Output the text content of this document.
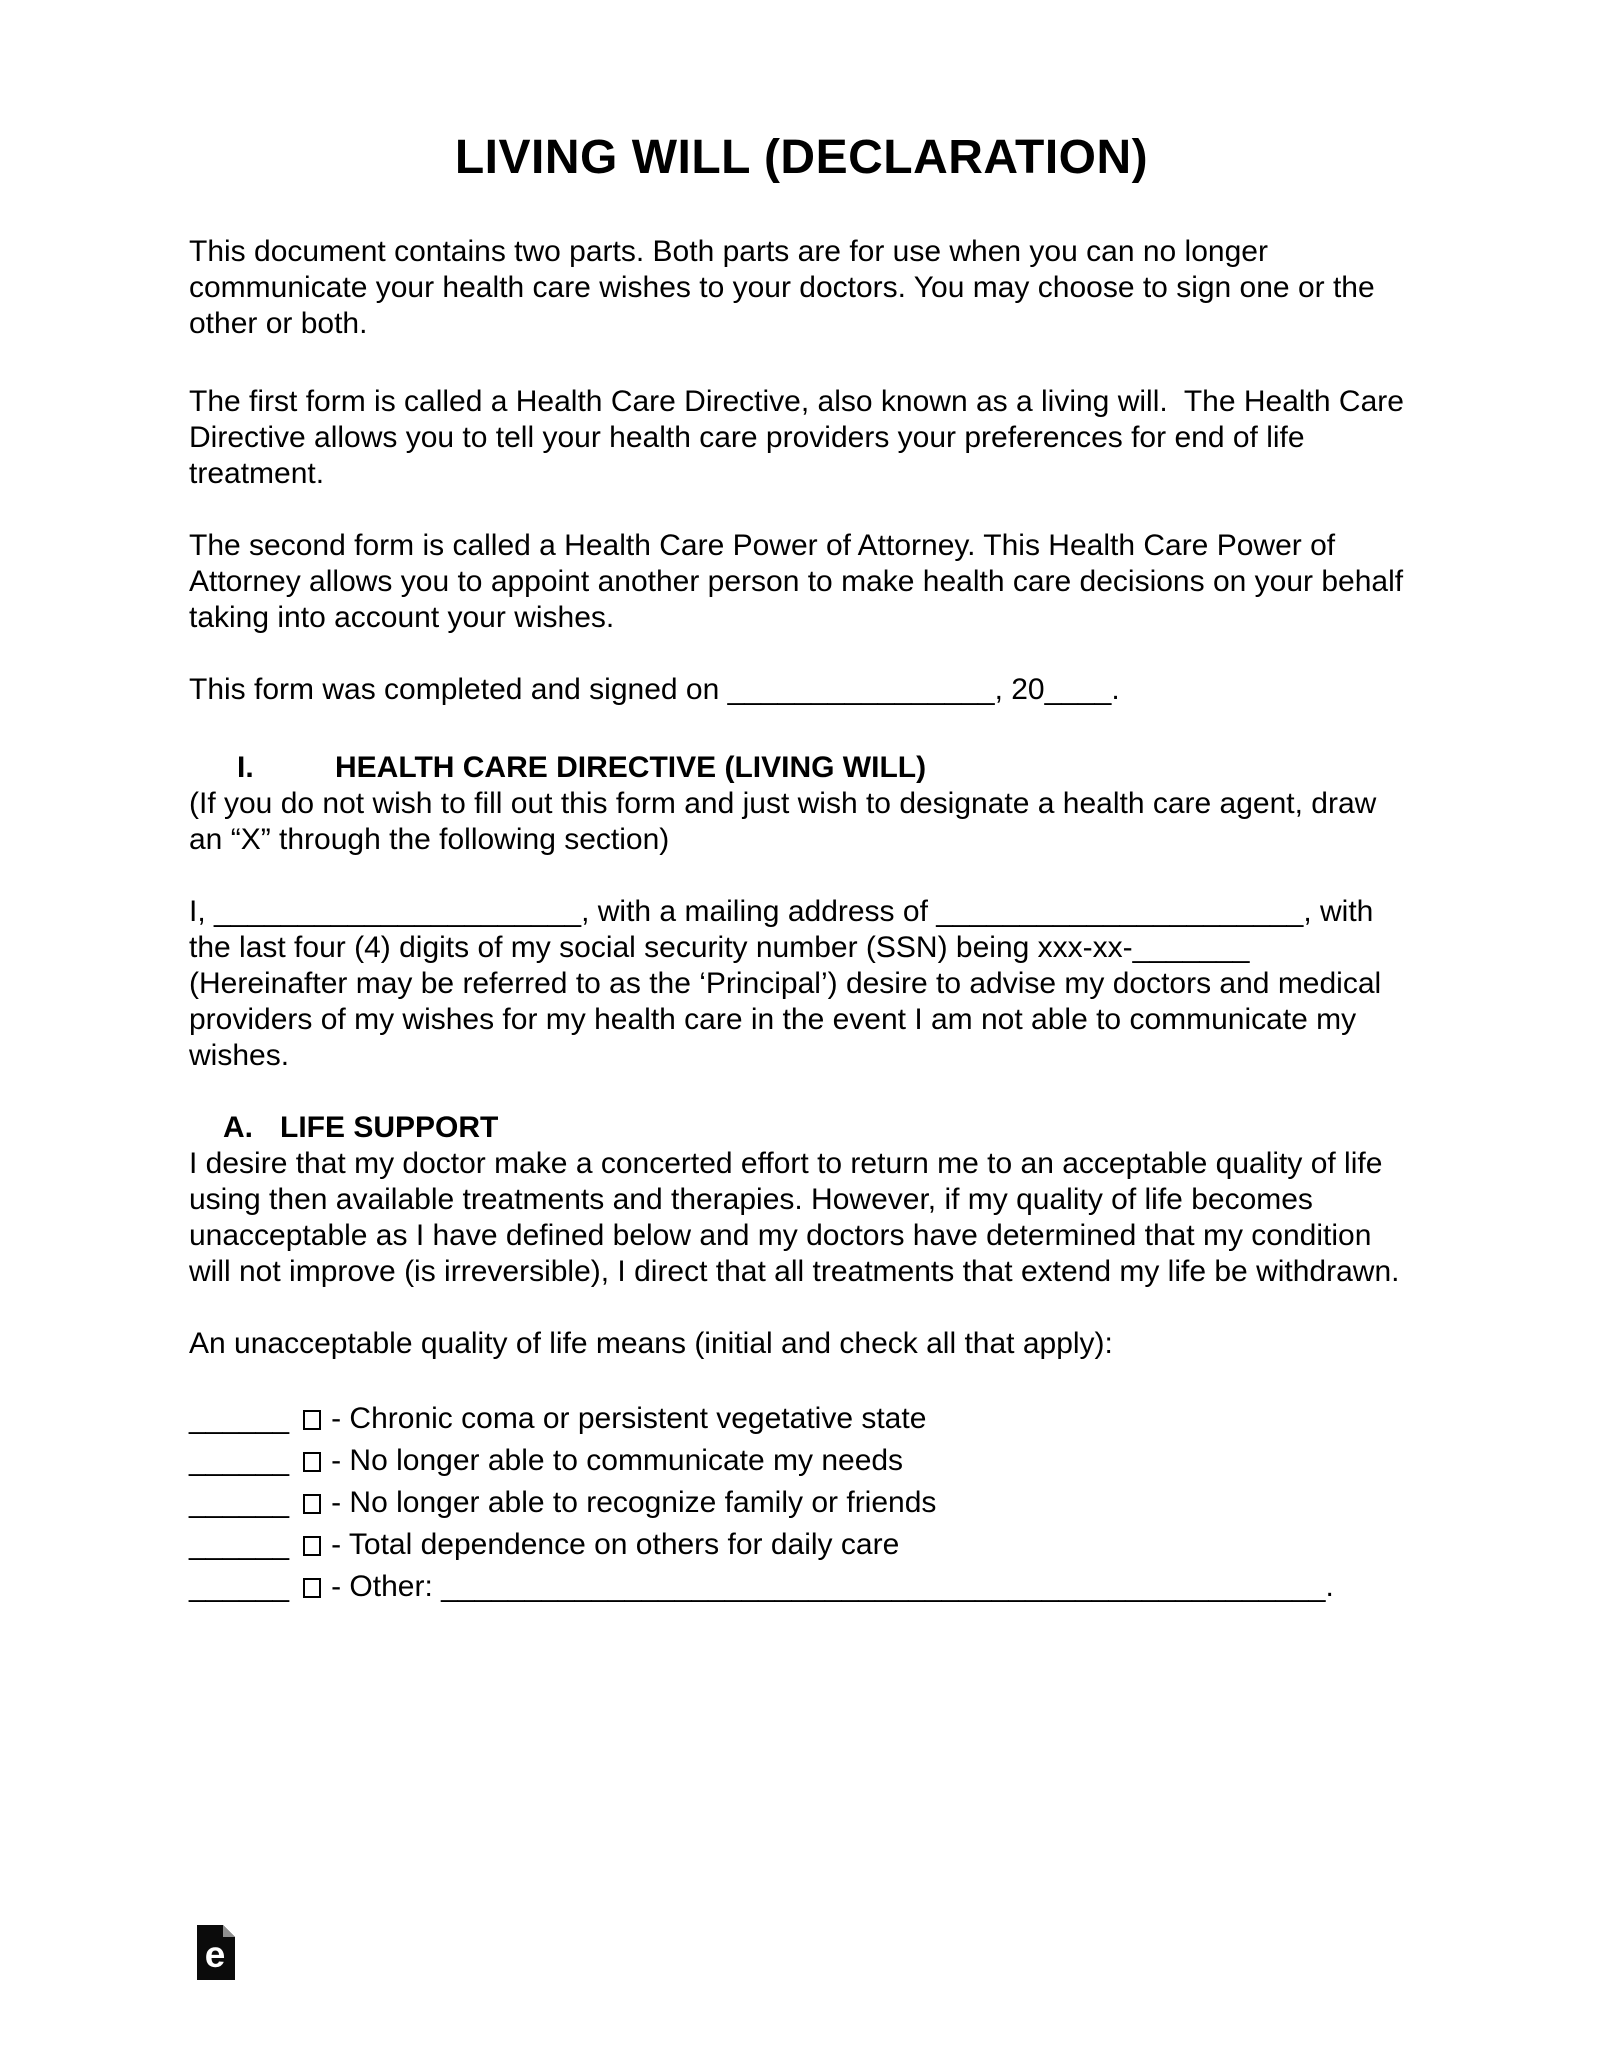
LIVING WILL (DECLARATION)

This document contains two parts. Both parts are for use when you can no longer communicate your health care wishes to your doctors. You may choose to sign one or the other or both.

The first form is called a Health Care Directive, also known as a living will.  The Health Care Directive allows you to tell your health care providers your preferences for end of life treatment.

The second form is called a Health Care Power of Attorney. This Health Care Power of Attorney allows you to appoint another person to make health care decisions on your behalf taking into account your wishes.

This form was completed and signed on ________________, 20____.

I.	HEALTH CARE DIRECTIVE (LIVING WILL)

(If you do not wish to fill out this form and just wish to designate a health care agent, draw an “X” through the following section)

I, ______________________, with a mailing address of ______________________, with the last four (4) digits of my social security number (SSN) being xxx-xx-_______ (Hereinafter may be referred to as the ‘Principal’) desire to advise my doctors and medical providers of my wishes for my health care in the event I am not able to communicate my wishes.

A. LIFE SUPPORT

I desire that my doctor make a concerted effort to return me to an acceptable quality of life using then available treatments and therapies. However, if my quality of life becomes unacceptable as I have defined below and my doctors have determined that my condition will not improve (is irreversible), I direct that all treatments that extend my life be withdrawn.

An unacceptable quality of life means (initial and check all that apply):

______ - Chronic coma or persistent vegetative state
______ - No longer able to communicate my needs
______ - No longer able to recognize family or friends
______ - Total dependence on others for daily care
______ - Other: _____________________________________________________.
e
